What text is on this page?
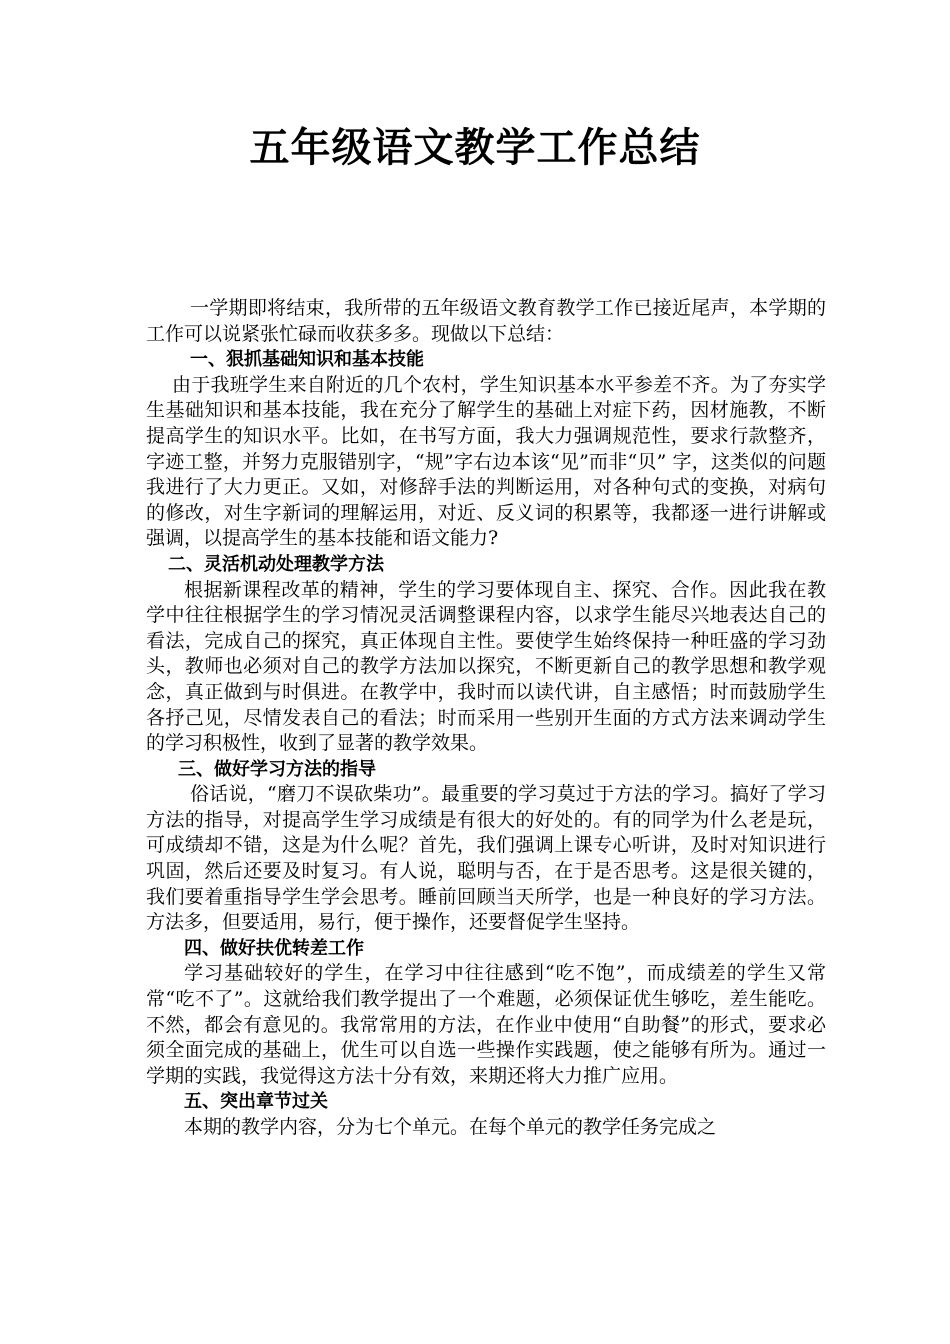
五年级语文教学工作总结

一学期即将结束，我所带的五年级语文教育教学工作已接近尾声，本学期的工作可以说紧张忙碌而收获多多。现做以下总结：

一、狠抓基础知识和基本技能

由于我班学生来自附近的几个农村，学生知识基本水平参差不齐。为了夯实学生基础知识和基本技能，我在充分了解学生的基础上对症下药，因材施教，不断提高学生的知识水平。比如，在书写方面，我大力强调规范性，要求行款整齐，字迹工整，并努力克服错别字，“规”字右边本该“见”而非“贝” 字，这类似的问题我进行了大力更正。又如，对修辞手法的判断运用，对各种句式的变换，对病句的修改，对生字新词的理解运用，对近、反义词的积累等，我都逐一进行讲解或强调，以提高学生的基本技能和语文能力?

二、灵活机动处理教学方法

根据新课程改革的精神，学生的学习要体现自主、探究、合作。因此我在教学中往往根据学生的学习情况灵活调整课程内容，以求学生能尽兴地表达自己的看法，完成自己的探究，真正体现自主性。要使学生始终保持一种旺盛的学习劲头，教师也必须对自己的教学方法加以探究，不断更新自己的教学思想和教学观念，真正做到与时俱进。在教学中，我时而以读代讲，自主感悟；时而鼓励学生各抒己见，尽情发表自己的看法；时而采用一些别开生面的方式方法来调动学生的学习积极性，收到了显著的教学效果。

三、做好学习方法的指导

俗话说，“磨刀不误砍柴功”。最重要的学习莫过于方法的学习。搞好了学习方法的指导，对提高学生学习成绩是有很大的好处的。有的同学为什么老是玩，可成绩却不错，这是为什么呢？首先，我们强调上课专心听讲，及时对知识进行巩固，然后还要及时复习。有人说，聪明与否，在于是否思考。这是很关键的，我们要着重指导学生学会思考。睡前回顾当天所学，也是一种良好的学习方法。方法多，但要适用，易行，便于操作，还要督促学生坚持。

四、做好扶优转差工作

学习基础较好的学生，在学习中往往感到“吃不饱”，而成绩差的学生又常常“吃不了”。这就给我们教学提出了一个难题，必须保证优生够吃，差生能吃。不然，都会有意见的。我常常用的方法，在作业中使用“自助餐”的形式，要求必须全面完成的基础上，优生可以自选一些操作实践题，使之能够有所为。通过一学期的实践，我觉得这方法十分有效，来期还将大力推广应用。

五、突出章节过关

本期的教学内容，分为七个单元。在每个单元的教学任务完成之
